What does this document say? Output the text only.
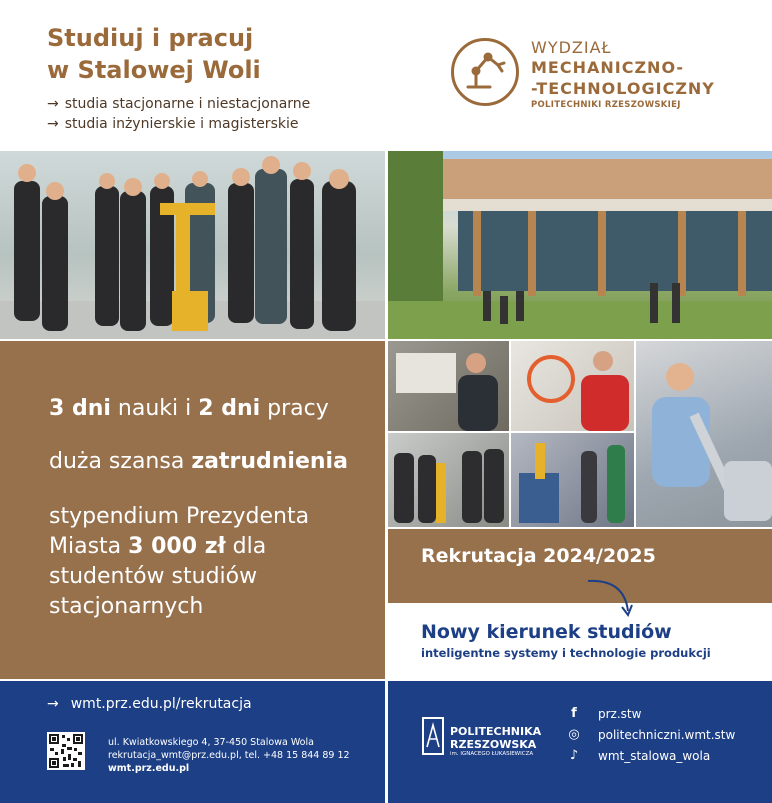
Studiuj i pracuj
w Stalowej Woli
→ studia stacjonarne i niestacjonarne
→ studia inżynierskie i magisterskie
WYDZIAŁ
MECHANICZNO-
-TECHNOLOGICZNY
POLITECHNIKI RZESZOWSKIEJ
3 dni nauki i 2 dni pracy
duża szansa zatrudnienia
stypendium Prezydenta
Miasta 3 000 zł dla
studentów studiów
stacjonarnych
Rekrutacja 2024/2025
Nowy kierunek studiów
inteligentne systemy i technologie produkcji
→ wmt.prz.edu.pl/rekrutacja
ul. Kwiatkowskiego 4, 37-450 Stalowa Wola
rekrutacja_wmt@prz.edu.pl, tel. +48 15 844 89 12
wmt.prz.edu.pl
POLITECHNIKA
RZESZOWSKA
im. IGNACEGO ŁUKASIEWICZA
f	prz.stw
◎ politechniczni.wmt.stw
♪	wmt_stalowa_wola
